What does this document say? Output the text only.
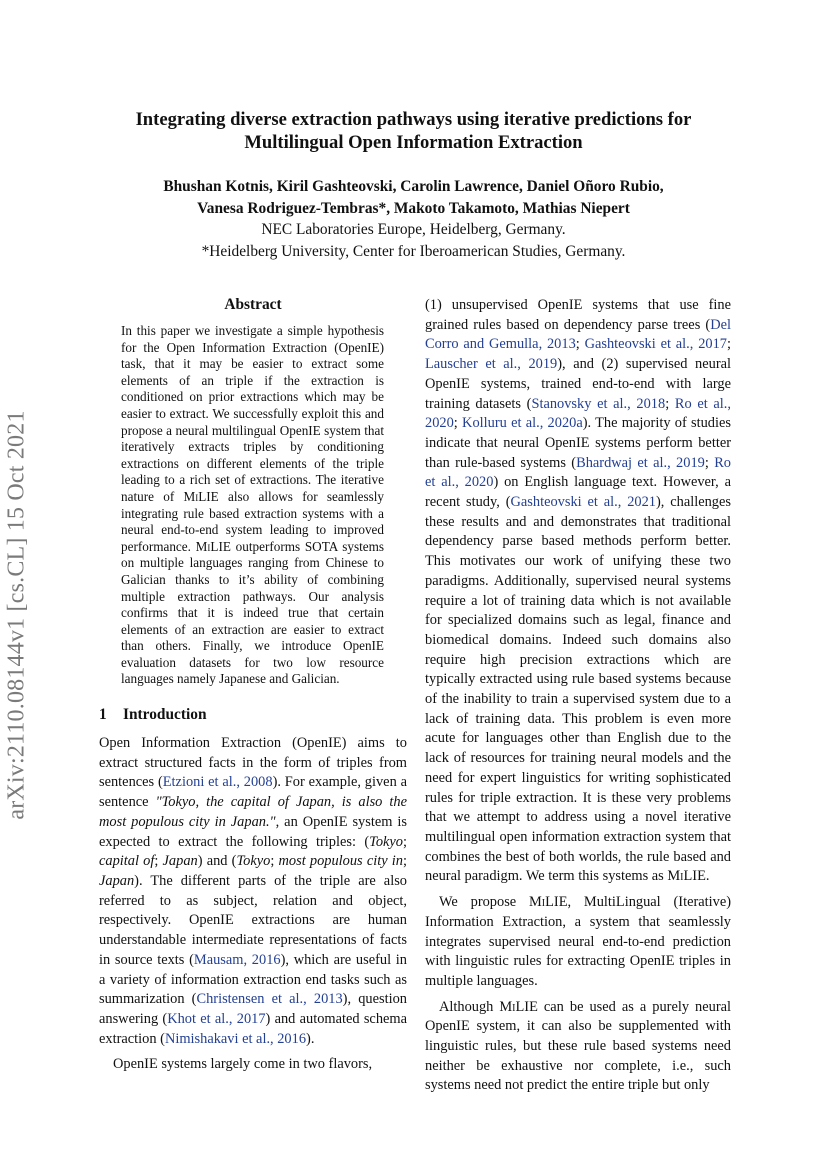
arXiv:2110.08144v1 [cs.CL] 15 Oct 2021
Integrating diverse extraction pathways using iterative predictions for
Multilingual Open Information Extraction
Bhushan Kotnis, Kiril Gashteovski, Carolin Lawrence, Daniel Oñoro Rubio,
Vanesa Rodriguez-Tembras*, Makoto Takamoto, Mathias Niepert
NEC Laboratories Europe, Heidelberg, Germany.
*Heidelberg University, Center for Iberoamerican Studies, Germany.
Abstract

In this paper we investigate a simple hypothesis for the Open Information Extraction (OpenIE) task, that it may be easier to extract some elements of an triple if the extraction is conditioned on prior extractions which may be easier to extract. We successfully exploit this and propose a neural multilingual OpenIE system that iteratively extracts triples by conditioning extractions on different elements of the triple leading to a rich set of extractions. The iterative nature of MiLIE also allows for seamlessly integrating rule based extraction systems with a neural end-to-end system leading to improved performance. MiLIE outperforms SOTA systems on multiple languages ranging from Chinese to Galician thanks to it’s ability of combining multiple extraction pathways. Our analysis confirms that it is indeed true that certain elements of an extraction are easier to extract than others. Finally, we introduce OpenIE evaluation datasets for two low resource languages namely Japanese and Galician.

1 Introduction

Open Information Extraction (OpenIE) aims to extract structured facts in the form of triples from sentences (Etzioni et al., 2008). For example, given a sentence "Tokyo, the capital of Japan, is also the most populous city in Japan.", an OpenIE system is expected to extract the following triples: (Tokyo; capital of; Japan) and (Tokyo; most populous city in; Japan). The different parts of the triple are also referred to as subject, relation and object, respectively. OpenIE extractions are human understandable intermediate representations of facts in source texts (Mausam, 2016), which are useful in a variety of information extraction end tasks such as summarization (Christensen et al., 2013), question answering (Khot et al., 2017) and automated schema extraction (Nimishakavi et al., 2016).

OpenIE systems largely come in two flavors,

(1) unsupervised OpenIE systems that use fine grained rules based on dependency parse trees (Del Corro and Gemulla, 2013; Gashteovski et al., 2017; Lauscher et al., 2019), and (2) supervised neural OpenIE systems, trained end-to-end with large training datasets (Stanovsky et al., 2018; Ro et al., 2020; Kolluru et al., 2020a). The majority of studies indicate that neural OpenIE systems perform better than rule-based systems (Bhardwaj et al., 2019; Ro et al., 2020) on English language text. However, a recent study, (Gashteovski et al., 2021), challenges these results and and demonstrates that traditional dependency parse based methods perform better. This motivates our work of unifying these two paradigms. Additionally, supervised neural systems require a lot of training data which is not available for specialized domains such as legal, finance and biomedical domains. Indeed such domains also require high precision extractions which are typically extracted using rule based systems because of the inability to train a supervised system due to a lack of training data. This problem is even more acute for languages other than English due to the lack of resources for training neural models and the need for expert linguistics for writing sophisticated rules for triple extraction. It is these very problems that we attempt to address using a novel iterative multilingual open information extraction system that combines the best of both worlds, the rule based and neural paradigm. We term this systems as MiLIE.

We propose MiLIE, MultiLingual (Iterative) Information Extraction, a system that seamlessly integrates supervised neural end-to-end prediction with linguistic rules for extracting OpenIE triples in multiple languages.

Although MiLIE can be used as a purely neural OpenIE system, it can also be supplemented with linguistic rules, but these rule based systems need neither be exhaustive nor complete, i.e., such systems need not predict the entire triple but only
